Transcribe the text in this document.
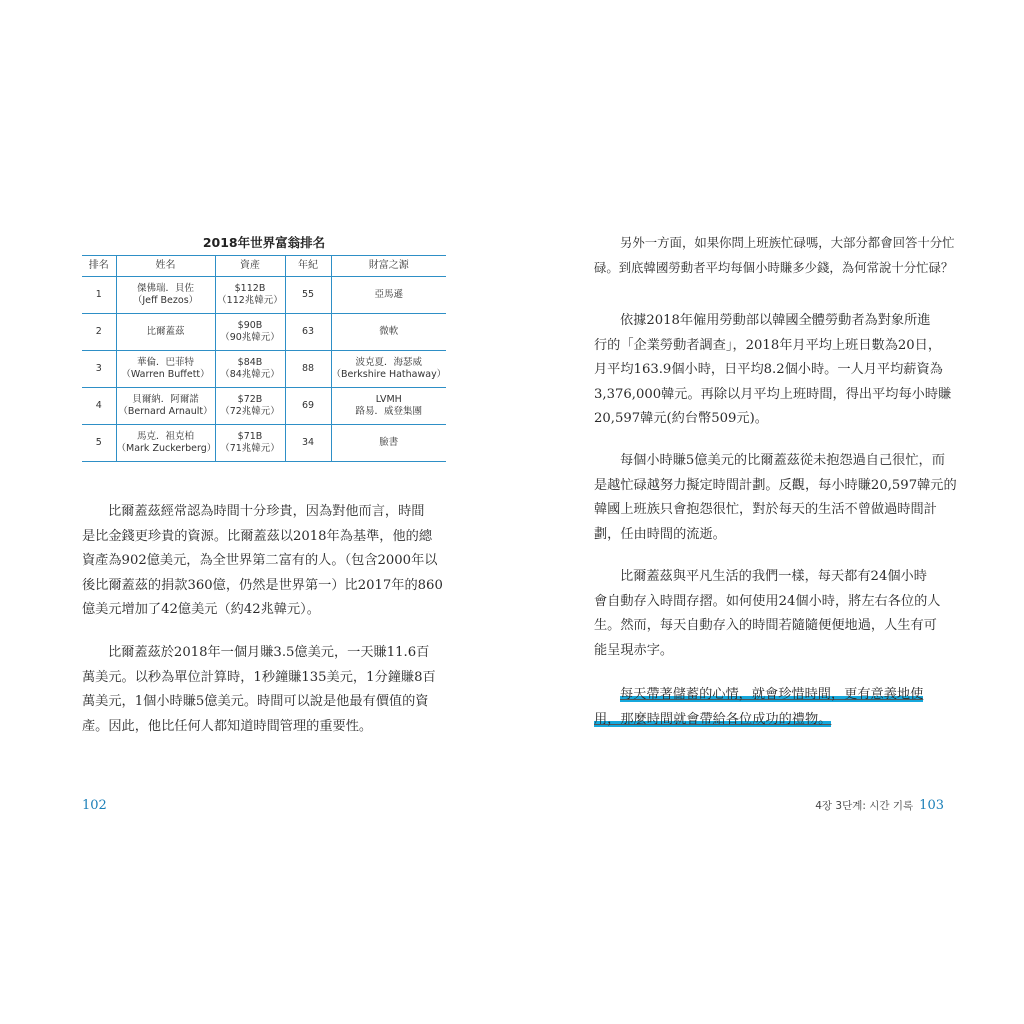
2018年世界富翁排名
排名	姓名	資產	年紀	財富之源
1	傑佛瑞．貝佐
（Jeff Bezos）	$112B
（112兆韓元）	55	亞馬遜

2	比爾蓋茲	$90B
（90兆韓元）	63	微軟

3	華倫．巴菲特
（Warren Buffett）	$84B
（84兆韓元）	88	波克夏．海瑟威
（Berkshire Hathaway）

4	貝爾納．阿爾諾
（Bernard Arnault）	$72B
（72兆韓元）	69	LVMH
路易．威登集團

5	馬克．祖克柏
（Mark Zuckerberg）	$71B
（71兆韓元）	34	臉書
比爾蓋茲經常認為時間十分珍貴，因為對他而言，時間
是比金錢更珍貴的資源。比爾蓋茲以2018年為基準，他的總
資產為902億美元，為全世界第二富有的人。（包含2000年以
後比爾蓋茲的捐款360億，仍然是世界第一）比2017年的860
億美元增加了42億美元（約42兆韓元）。
比爾蓋茲於2018年一個月賺3.5億美元，一天賺11.6百
萬美元。以秒為單位計算時，1秒鐘賺135美元，1分鐘賺8百
萬美元，1個小時賺5億美元。時間可以說是他最有價值的資
產。因此，他比任何人都知道時間管理的重要性。
102
另外一方面，如果你問上班族忙碌嗎，大部分都會回答十分忙
碌。到底韓國勞動者平均每個小時賺多少錢，為何常說十分忙碌？
依據2018年僱用勞動部以韓國全體勞動者為對象所進
行的「企業勞動者調查」，2018年月平均上班日數為20日，
月平均163.9個小時，日平均8.2個小時。一人月平均薪資為
3,376,000韓元。再除以月平均上班時間，得出平均每小時賺
20,597韓元(約台幣509元)。
每個小時賺5億美元的比爾蓋茲從未抱怨過自己很忙，而
是越忙碌越努力擬定時間計劃。反觀，每小時賺20,597韓元的
韓國上班族只會抱怨很忙，對於每天的生活不曾做過時間計
劃，任由時間的流逝。
比爾蓋茲與平凡生活的我們一樣，每天都有24個小時
會自動存入時間存摺。如何使用24個小時，將左右各位的人
生。然而，每天自動存入的時間若隨隨便便地過，人生有可
能呈現赤字。
每天帶著儲蓄的心情，就會珍惜時間，更有意義地使
用，那麼時間就會帶給各位成功的禮物。
4장 3단계: 시간 기록 103
